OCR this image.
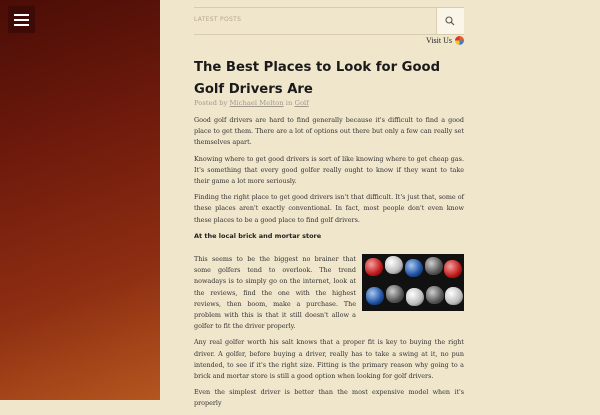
LATEST POSTS
Visit Us
The Best Places to Look for Good Golf Drivers Are
Posted by Michael Melton in Golf

Good golf drivers are hard to find generally because it's difficult to find a good place to get them. There are a lot of options out there but only a few can really set themselves apart.

Knowing where to get good drivers is sort of like knowing where to get cheap gas. It's something that every good golfer really ought to know if they want to take their game a lot more seriously.

Finding the right place to get good drivers isn't that difficult. It's just that, some of these places aren't exactly conventional. In fact, most people don't even know these places to be a good place to find golf drivers.

At the local brick and mortar store

This seems to be the biggest no brainer that some golfers tend to overlook. The trend nowadays is to simply go on the internet, look at the reviews, find the one with the highest reviews, then boom, make a purchase. The problem with this is that it still doesn't allow a golfer to fit the driver properly.

Any real golfer worth his salt knows that a proper fit is key to buying the right driver. A golfer, before buying a driver, really has to take a swing at it, no pun intended, to see if it's the right size. Fitting is the primary reason why going to a brick and mortar store is still a good option when looking for golf drivers.

Even the simplest driver is better than the most expensive model when it's properly
